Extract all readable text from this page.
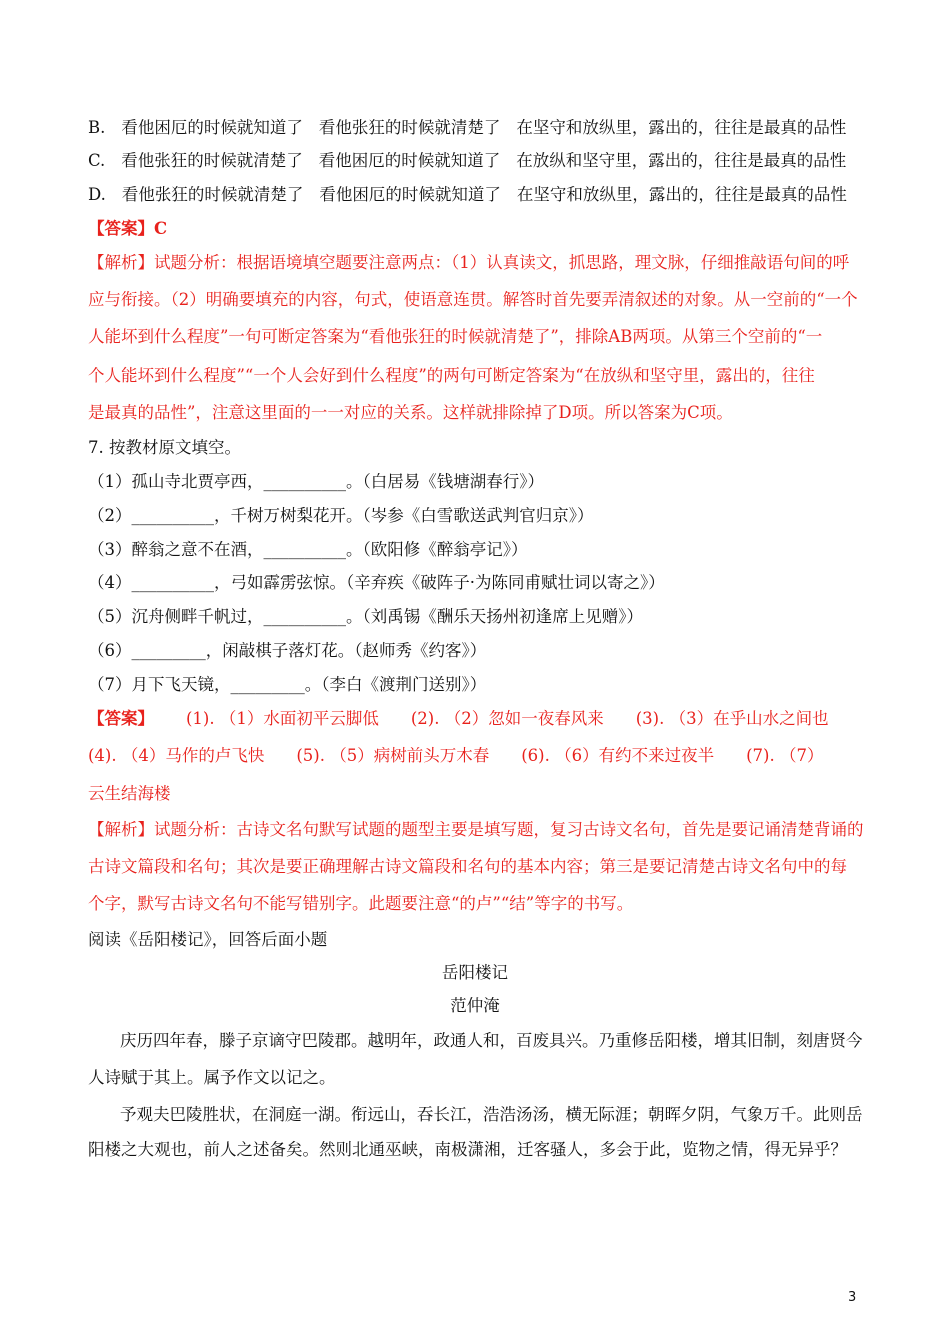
B. 看他困厄的时候就知道了 看他张狂的时候就清楚了 在坚守和放纵里，露出的，往往是最真的品性
C. 看他张狂的时候就清楚了 看他困厄的时候就知道了 在放纵和坚守里，露出的，往往是最真的品性
D. 看他张狂的时候就清楚了 看他困厄的时候就知道了 在坚守和放纵里，露出的，往往是最真的品性
【答案】C
【解析】试题分析：根据语境填空题要注意两点：（1）认真读文，抓思路，理文脉，仔细推敲语句间的呼
应与衔接。（2）明确要填充的内容，句式，使语意连贯。解答时首先要弄清叙述的对象。从一空前的“一个
人能坏到什么程度”一句可断定答案为“看他张狂的时候就清楚了”，排除AB两项。从第三个空前的“一
个人能坏到什么程度”“一个人会好到什么程度”的两句可断定答案为“在放纵和坚守里，露出的，往往
是最真的品性”，注意这里面的一一对应的关系。这样就排除掉了D项。所以答案为C项。
7. 按教材原文填空。
（1）孤山寺北贾亭西，__________。（白居易《钱塘湖春行》）
（2）__________，千树万树梨花开。（岑参《白雪歌送武判官归京》）
（3）醉翁之意不在酒，__________。（欧阳修《醉翁亭记》）
（4）__________，弓如霹雳弦惊。（辛弃疾《破阵子·为陈同甫赋壮词以寄之》）
（5）沉舟侧畔千帆过，__________。（刘禹锡《酬乐天扬州初逢席上见赠》）
（6）_________，闲敲棋子落灯花。（赵师秀《约客》）
（7）月下飞天镜，_________。（李白《渡荆门送别》）
【答案】 (1). （1）水面初平云脚低 (2). （2）忽如一夜春风来 (3). （3）在乎山水之间也
(4). （4）马作的卢飞快 (5). （5）病树前头万木春 (6). （6）有约不来过夜半 (7). （7）
云生结海楼
【解析】试题分析：古诗文名句默写试题的题型主要是填写题，复习古诗文名句，首先是要记诵清楚背诵的
古诗文篇段和名句；其次是要正确理解古诗文篇段和名句的基本内容；第三是要记清楚古诗文名句中的每
个字，默写古诗文名句不能写错别字。此题要注意“的卢”“结”等字的书写。
阅读《岳阳楼记》，回答后面小题
岳阳楼记
范仲淹
庆历四年春，滕子京谪守巴陵郡。越明年，政通人和，百废具兴。乃重修岳阳楼，增其旧制，刻唐贤今
人诗赋于其上。属予作文以记之。
予观夫巴陵胜状，在洞庭一湖。衔远山，吞长江，浩浩汤汤，横无际涯；朝晖夕阴，气象万千。此则岳
阳楼之大观也，前人之述备矣。然则北通巫峡，南极潇湘，迁客骚人，多会于此，览物之情，得无异乎？
3
